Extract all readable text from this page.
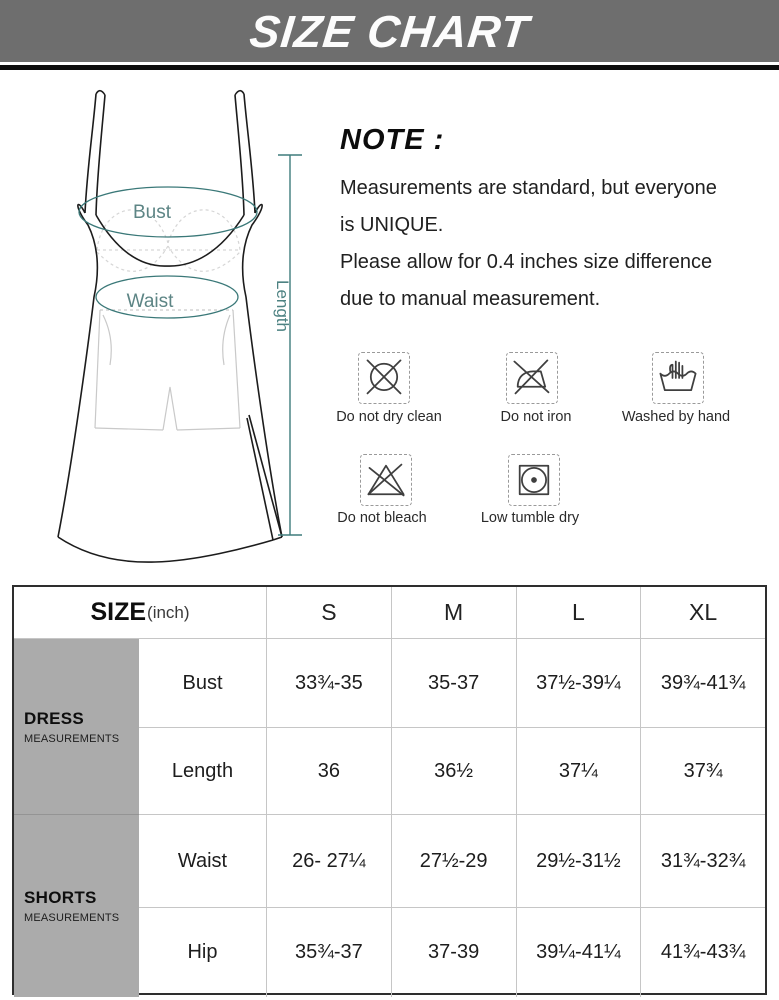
SIZE CHART
Bust
Waist	Length
NOTE :
Measurements are standard, but everyone
is UNIQUE.
Please allow for 0.4 inches size difference
due to manual measurement.
Do not dry clean	Do not iron	Washed by hand
Do not bleach	Low tumble dry
SIZE (inch)	S	M	L	XL
DRESS
MEASUREMENTS
Bust	33¾-35	35-37	37½-39¼	39¾-41¾
Length	36	36½	37¼	37¾
SHORTS
MEASUREMENTS
Waist	26- 27¼	27½-29	29½-31½	31¾-32¾
Hip	35¾-37	37-39	39¼-41¼	41¾-43¾
